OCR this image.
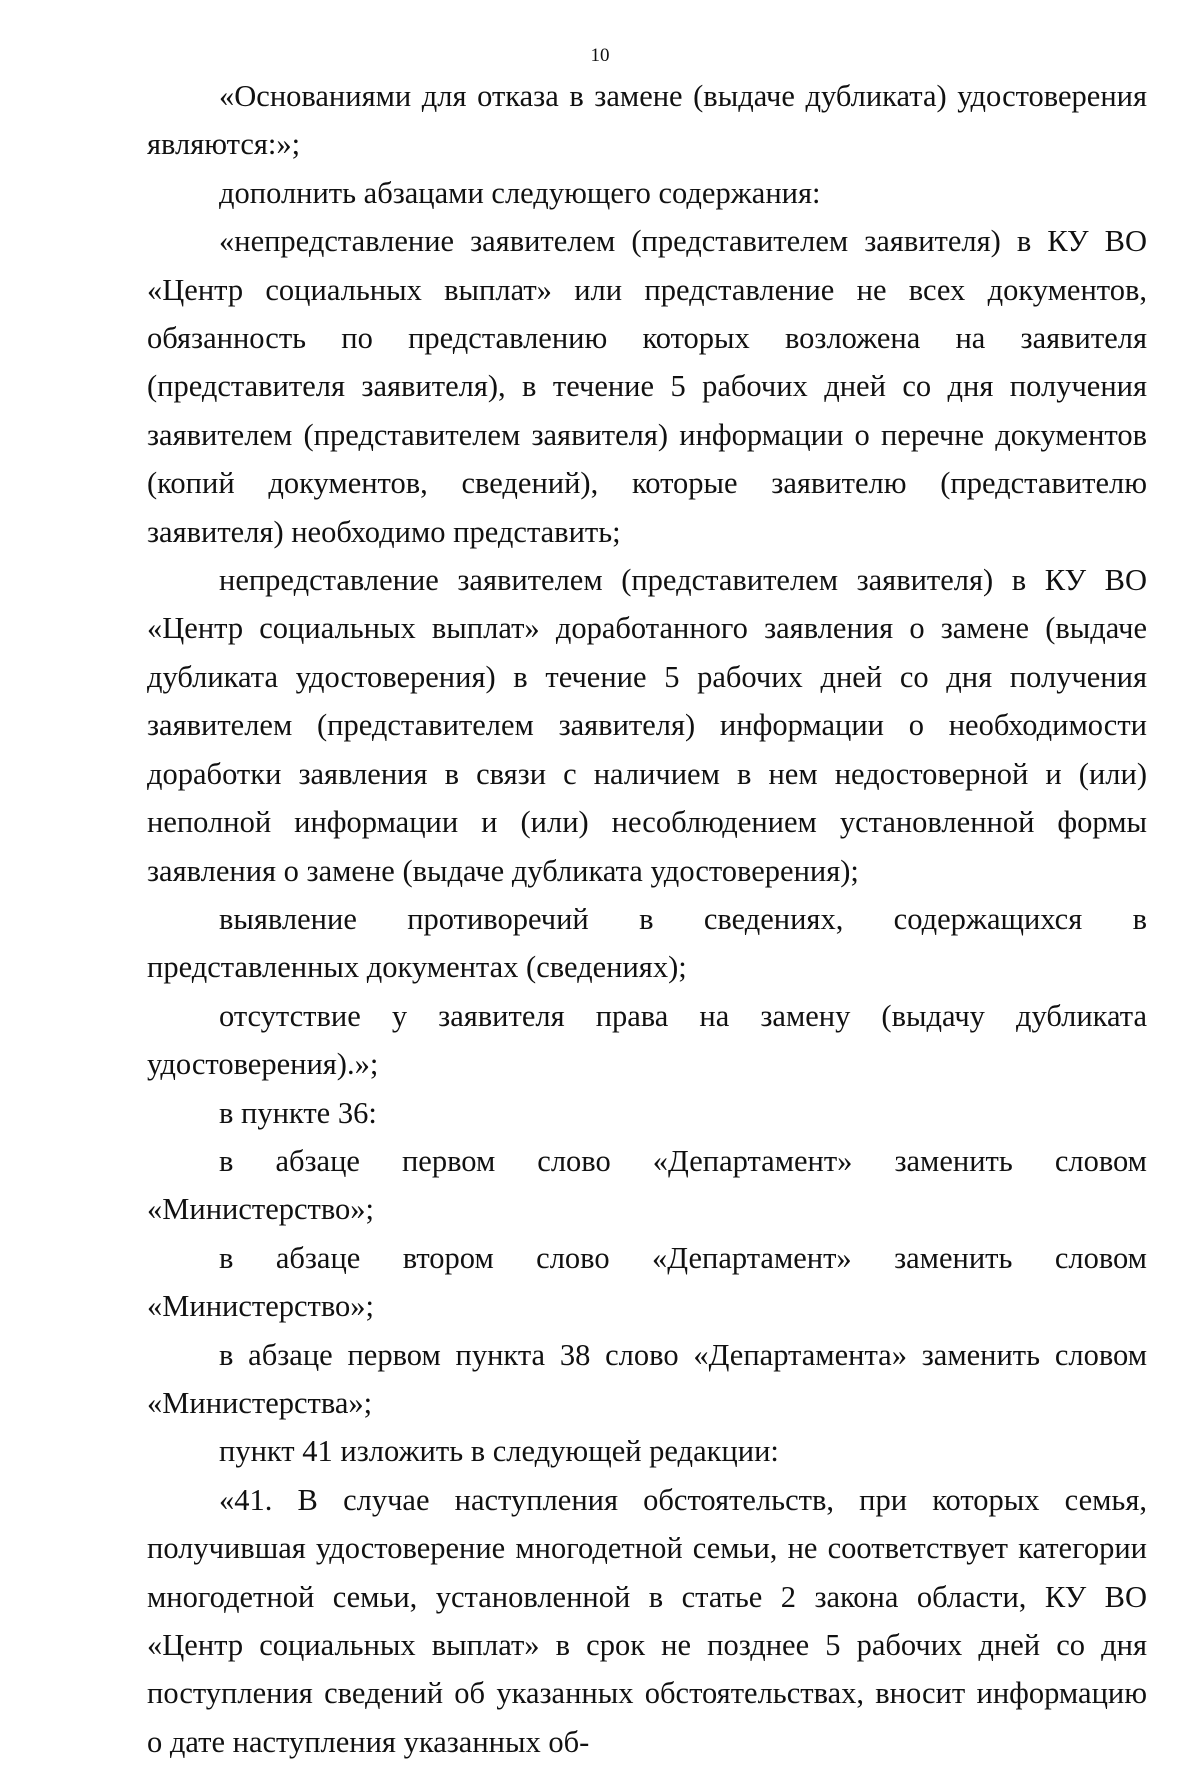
10

«Основаниями для отказа в замене (выдаче дубликата) удостоверения являются:»;

дополнить абзацами следующего содержания:

«непредставление заявителем (представителем заявителя) в КУ ВО «Центр социальных выплат» или представление не всех документов, обязанность по представлению которых возложена на заявителя (представителя заявителя), в течение 5 рабочих дней со дня получения заявителем (представителем заявителя) информации о перечне документов (копий документов, сведений), которые заявителю (представителю заявителя) необходимо представить;

непредставление заявителем (представителем заявителя) в КУ ВО «Центр социальных выплат» доработанного заявления о замене (выдаче дубликата удостоверения) в течение 5 рабочих дней со дня получения заявителем (представителем заявителя) информации о необходимости доработки заявления в связи с наличием в нем недостоверной и (или) неполной информации и (или) несоблюдением установленной формы заявления о замене (выдаче дубликата удостоверения);

выявление противоречий в сведениях, содержащихся в представленных документах (сведениях);

отсутствие у заявителя права на замену (выдачу дубликата удостоверения).»;

в пункте 36:

в абзаце первом слово «Департамент» заменить словом «Министерство»;

в абзаце втором слово «Департамент» заменить словом «Министерство»;

в абзаце первом пункта 38 слово «Департамента» заменить словом «Министерства»;

пункт 41 изложить в следующей редакции:

«41. В случае наступления обстоятельств, при которых семья, получившая удостоверение многодетной семьи, не соответствует категории многодетной семьи, установленной в статье 2 закона области, КУ ВО «Центр социальных выплат» в срок не позднее 5 рабочих дней со дня поступления сведений об указанных обстоятельствах, вносит информацию о дате наступления указанных об-
